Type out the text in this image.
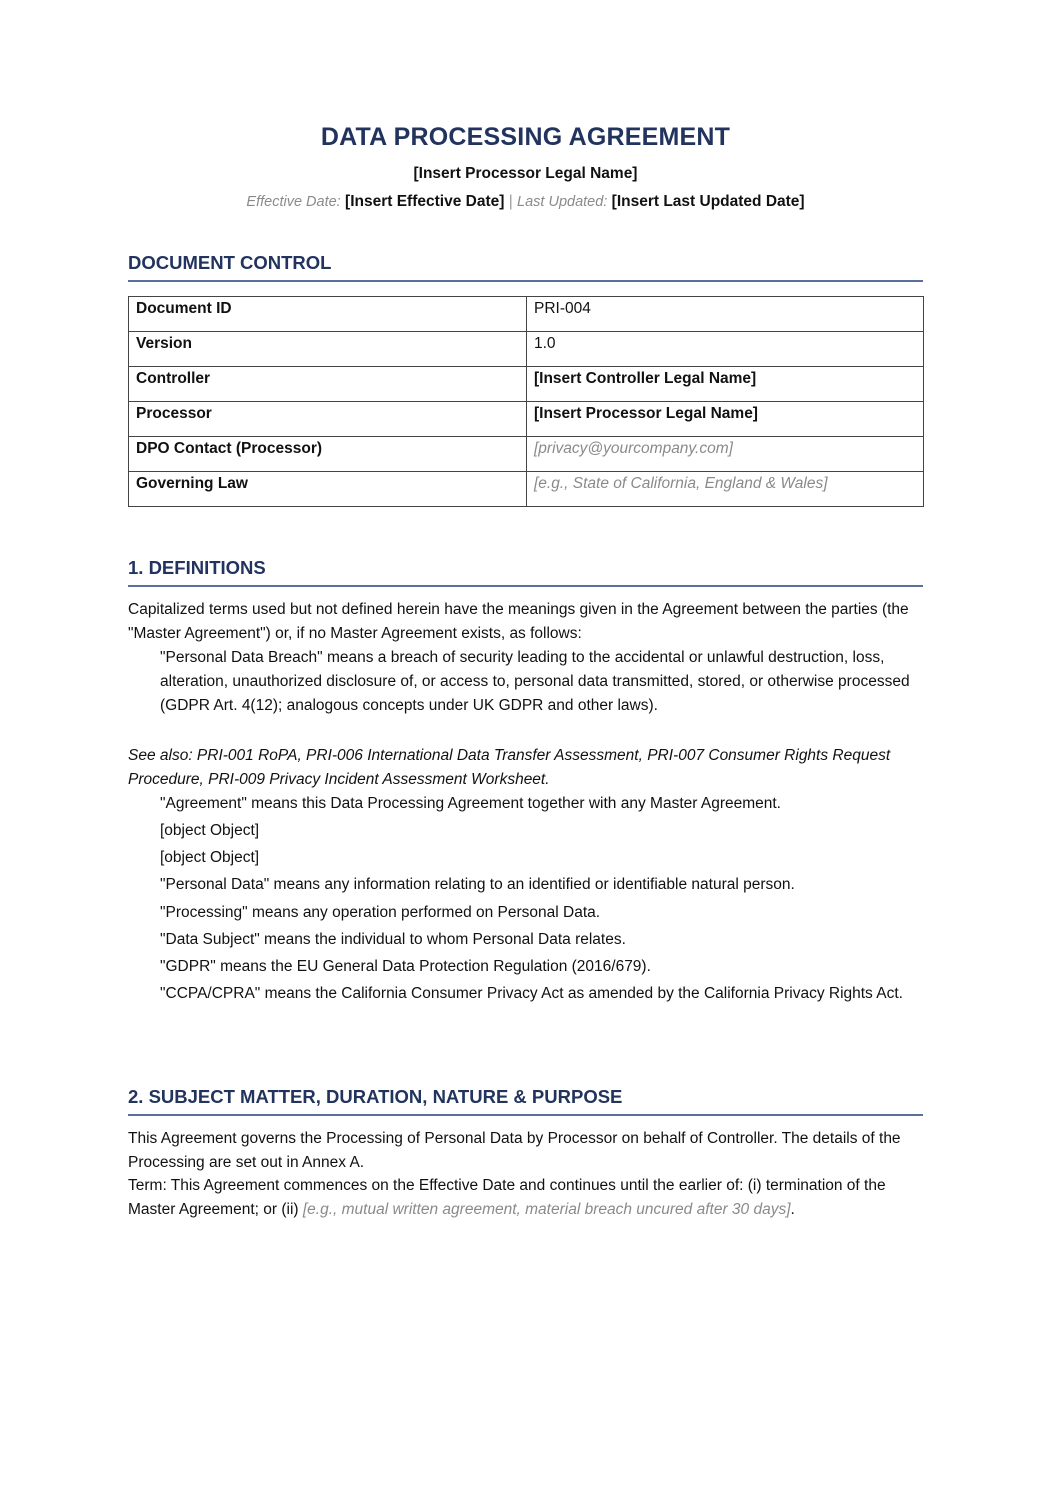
DATA PROCESSING AGREEMENT
[Insert Processor Legal Name]
Effective Date: [Insert Effective Date] | Last Updated: [Insert Last Updated Date]
DOCUMENT CONTROL
Document ID	PRI-004
Version	1.0
Controller	[Insert Controller Legal Name]
Processor	[Insert Processor Legal Name]
DPO Contact (Processor)	[privacy@yourcompany.com]
Governing Law	[e.g., State of California, England & Wales]
1. DEFINITIONS
Capitalized terms used but not defined herein have the meanings given in the Agreement between the parties (the "Master Agreement") or, if no Master Agreement exists, as follows:
"Personal Data Breach" means a breach of security leading to the accidental or unlawful destruction, loss, alteration, unauthorized disclosure of, or access to, personal data transmitted, stored, or otherwise processed (GDPR Art. 4(12); analogous concepts under UK GDPR and other laws).
See also: PRI-001 RoPA, PRI-006 International Data Transfer Assessment, PRI-007 Consumer Rights Request Procedure, PRI-009 Privacy Incident Assessment Worksheet.
"Agreement" means this Data Processing Agreement together with any Master Agreement.
[object Object]
[object Object]
"Personal Data" means any information relating to an identified or identifiable natural person.
"Processing" means any operation performed on Personal Data.
"Data Subject" means the individual to whom Personal Data relates.
"GDPR" means the EU General Data Protection Regulation (2016/679).
"CCPA/CPRA" means the California Consumer Privacy Act as amended by the California Privacy Rights Act.
2. SUBJECT MATTER, DURATION, NATURE & PURPOSE
This Agreement governs the Processing of Personal Data by Processor on behalf of Controller. The details of the Processing are set out in Annex A.
Term: This Agreement commences on the Effective Date and continues until the earlier of: (i) termination of the Master Agreement; or (ii) [e.g., mutual written agreement, material breach uncured after 30 days].
